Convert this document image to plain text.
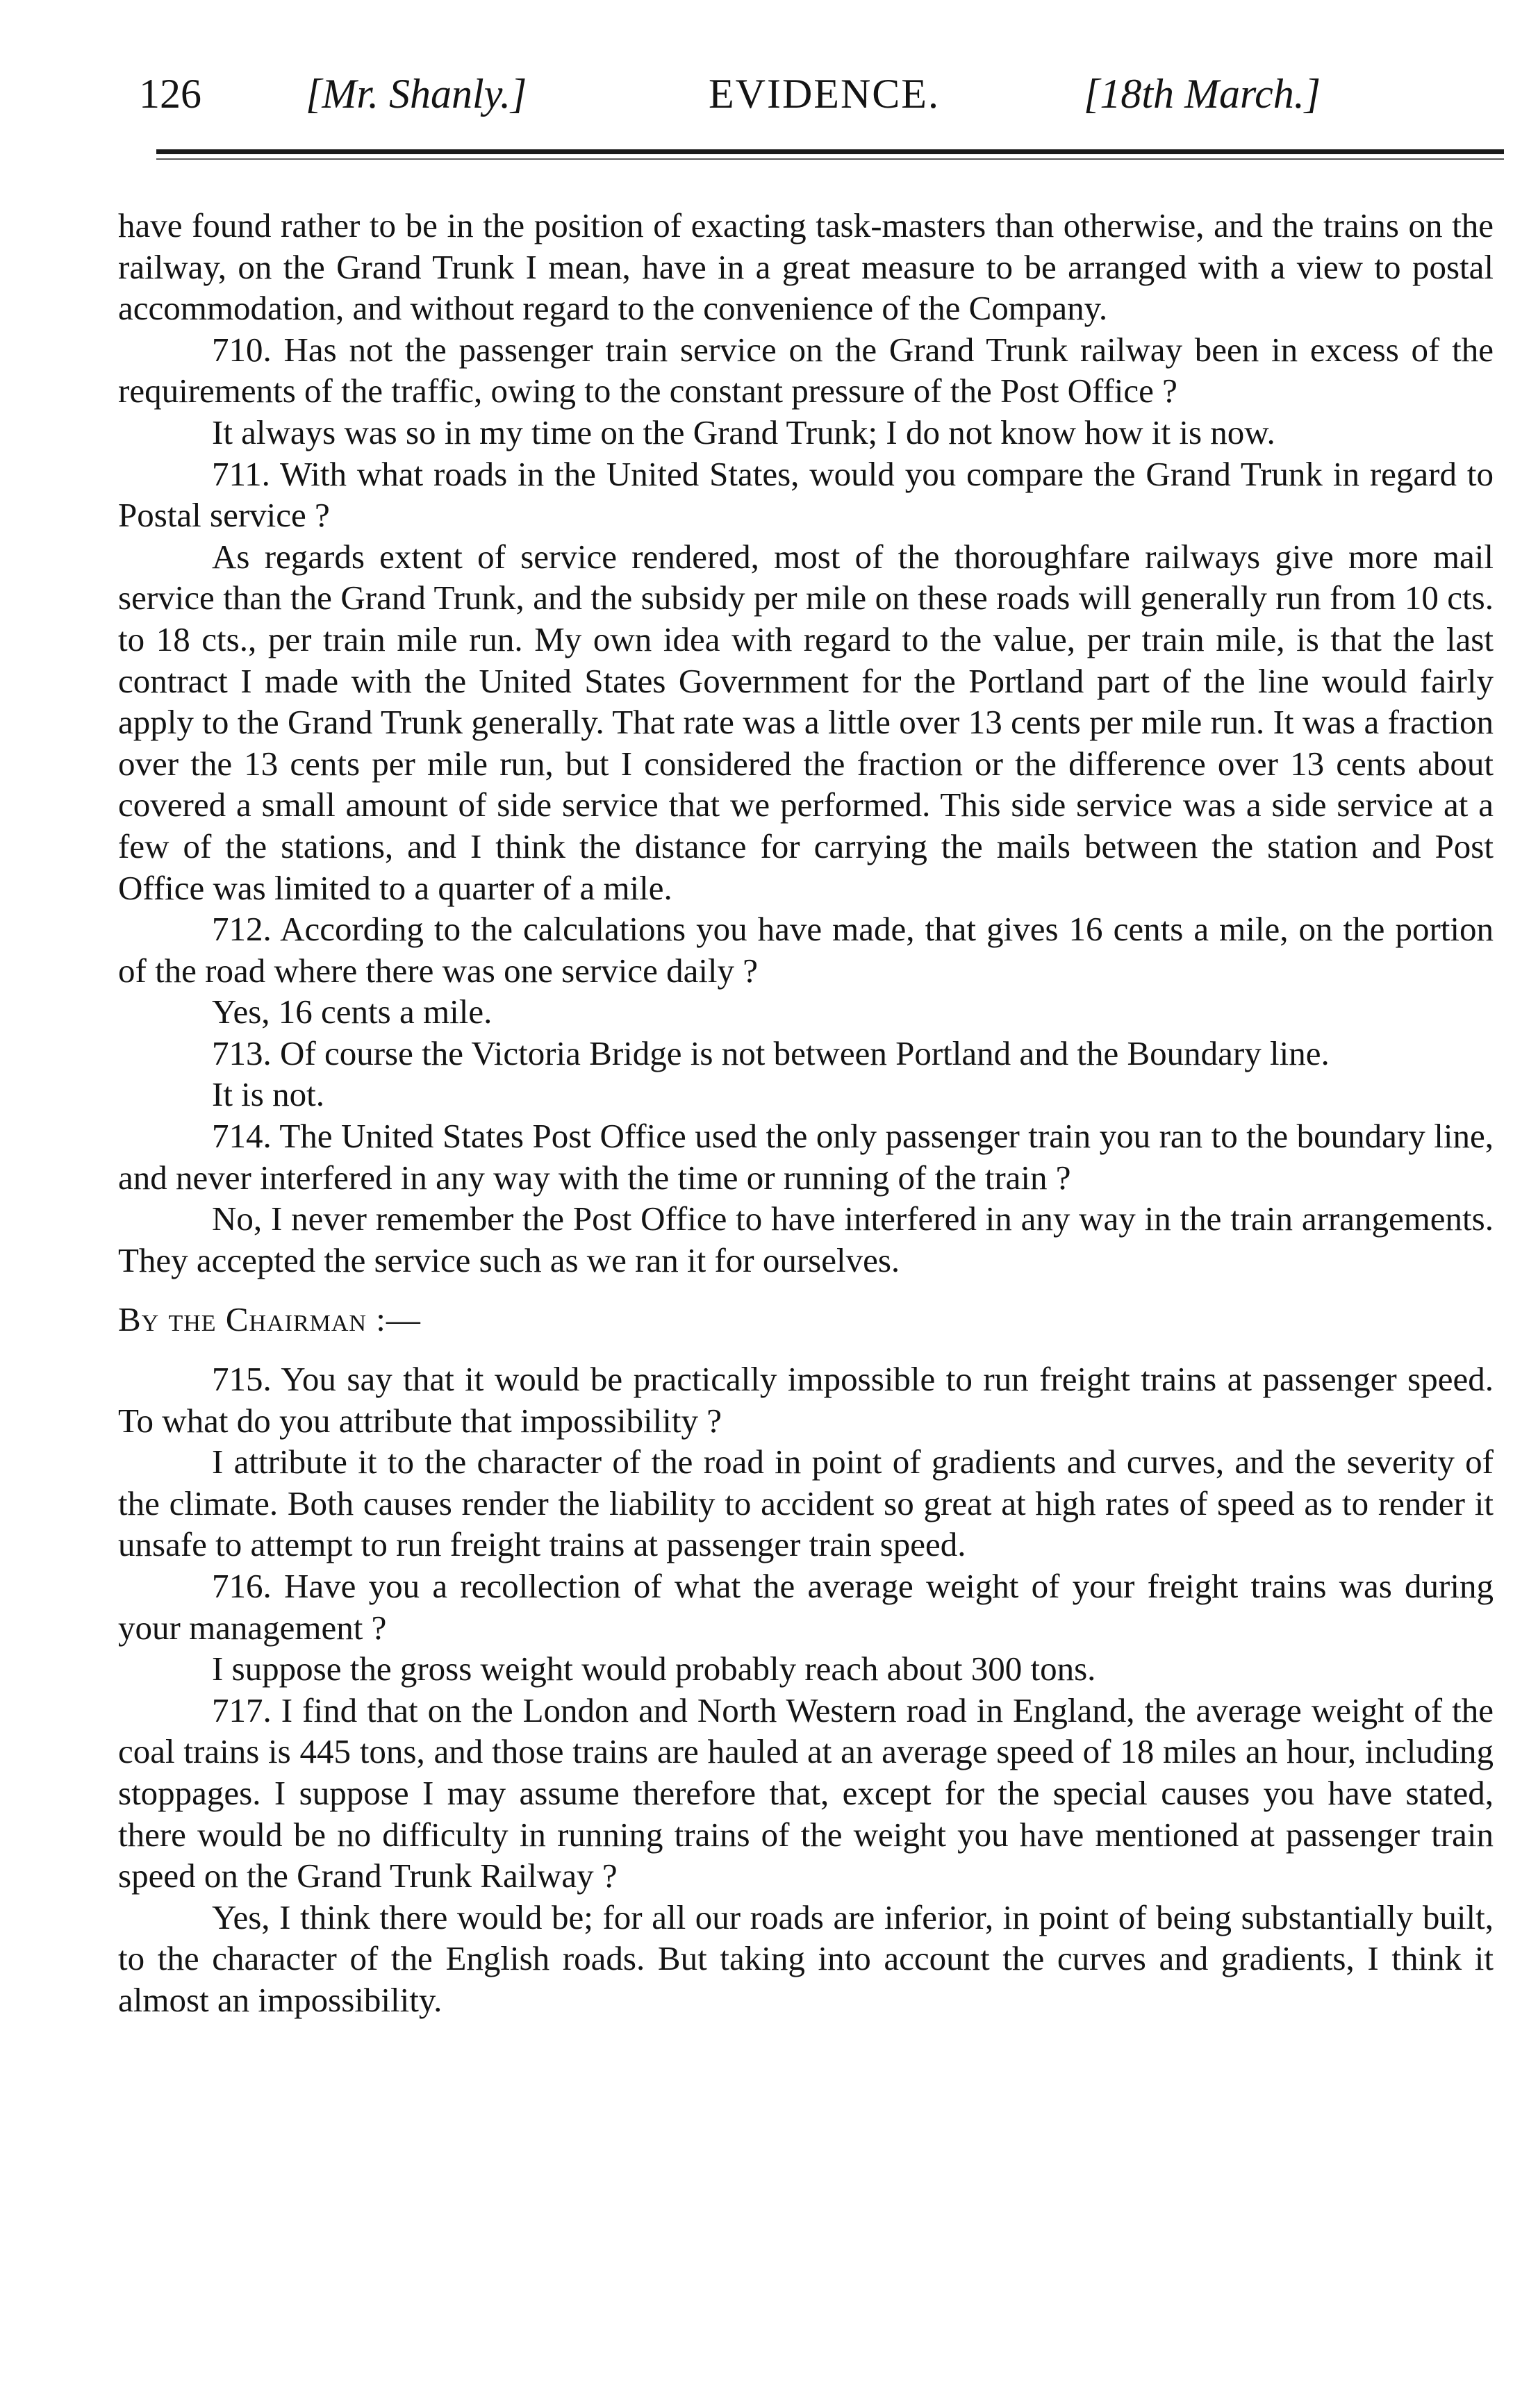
126	[Mr. Shanly.]	EVIDENCE.	[18th March.]

have found rather to be in the position of exacting task-masters than otherwise, and the trains on the railway, on the Grand Trunk I mean, have in a great measure to be arranged with a view to postal accommodation, and without regard to the convenience of the Company.

710. Has not the passenger train service on the Grand Trunk railway been in excess of the requirements of the traffic, owing to the constant pressure of the Post Office ?

It always was so in my time on the Grand Trunk; I do not know how it is now.

711. With what roads in the United States, would you compare the Grand Trunk in regard to Postal service ?

As regards extent of service rendered, most of the thoroughfare railways give more mail service than the Grand Trunk, and the subsidy per mile on these roads will generally run from 10 cts. to 18 cts., per train mile run. My own idea with regard to the value, per train mile, is that the last contract I made with the United States Government for the Portland part of the line would fairly apply to the Grand Trunk generally. That rate was a little over 13 cents per mile run. It was a fraction over the 13 cents per mile run, but I considered the fraction or the difference over 13 cents about covered a small amount of side service that we performed. This side service was a side service at a few of the stations, and I think the distance for carrying the mails between the station and Post Office was limited to a quarter of a mile.

712. According to the calculations you have made, that gives 16 cents a mile, on the portion of the road where there was one service daily ?

Yes, 16 cents a mile.

713. Of course the Victoria Bridge is not between Portland and the Boundary line.

It is not.

714. The United States Post Office used the only passenger train you ran to the boundary line, and never interfered in any way with the time or running of the train ?

No, I never remember the Post Office to have interfered in any way in the train arrangements. They accepted the service such as we ran it for ourselves.

By the Chairman :—

715. You say that it would be practically impossible to run freight trains at passenger speed. To what do you attribute that impossibility ?

I attribute it to the character of the road in point of gradients and curves, and the severity of the climate. Both causes render the liability to accident so great at high rates of speed as to render it unsafe to attempt to run freight trains at passenger train speed.

716. Have you a recollection of what the average weight of your freight trains was during your management ?

I suppose the gross weight would probably reach about 300 tons.

717. I find that on the London and North Western road in England, the average weight of the coal trains is 445 tons, and those trains are hauled at an average speed of 18 miles an hour, including stoppages. I suppose I may assume therefore that, except for the special causes you have stated, there would be no difficulty in running trains of the weight you have mentioned at passenger train speed on the Grand Trunk Railway ?

Yes, I think there would be; for all our roads are inferior, in point of being substantially built, to the character of the English roads. But taking into account the curves and gradients, I think it almost an impossibility.
